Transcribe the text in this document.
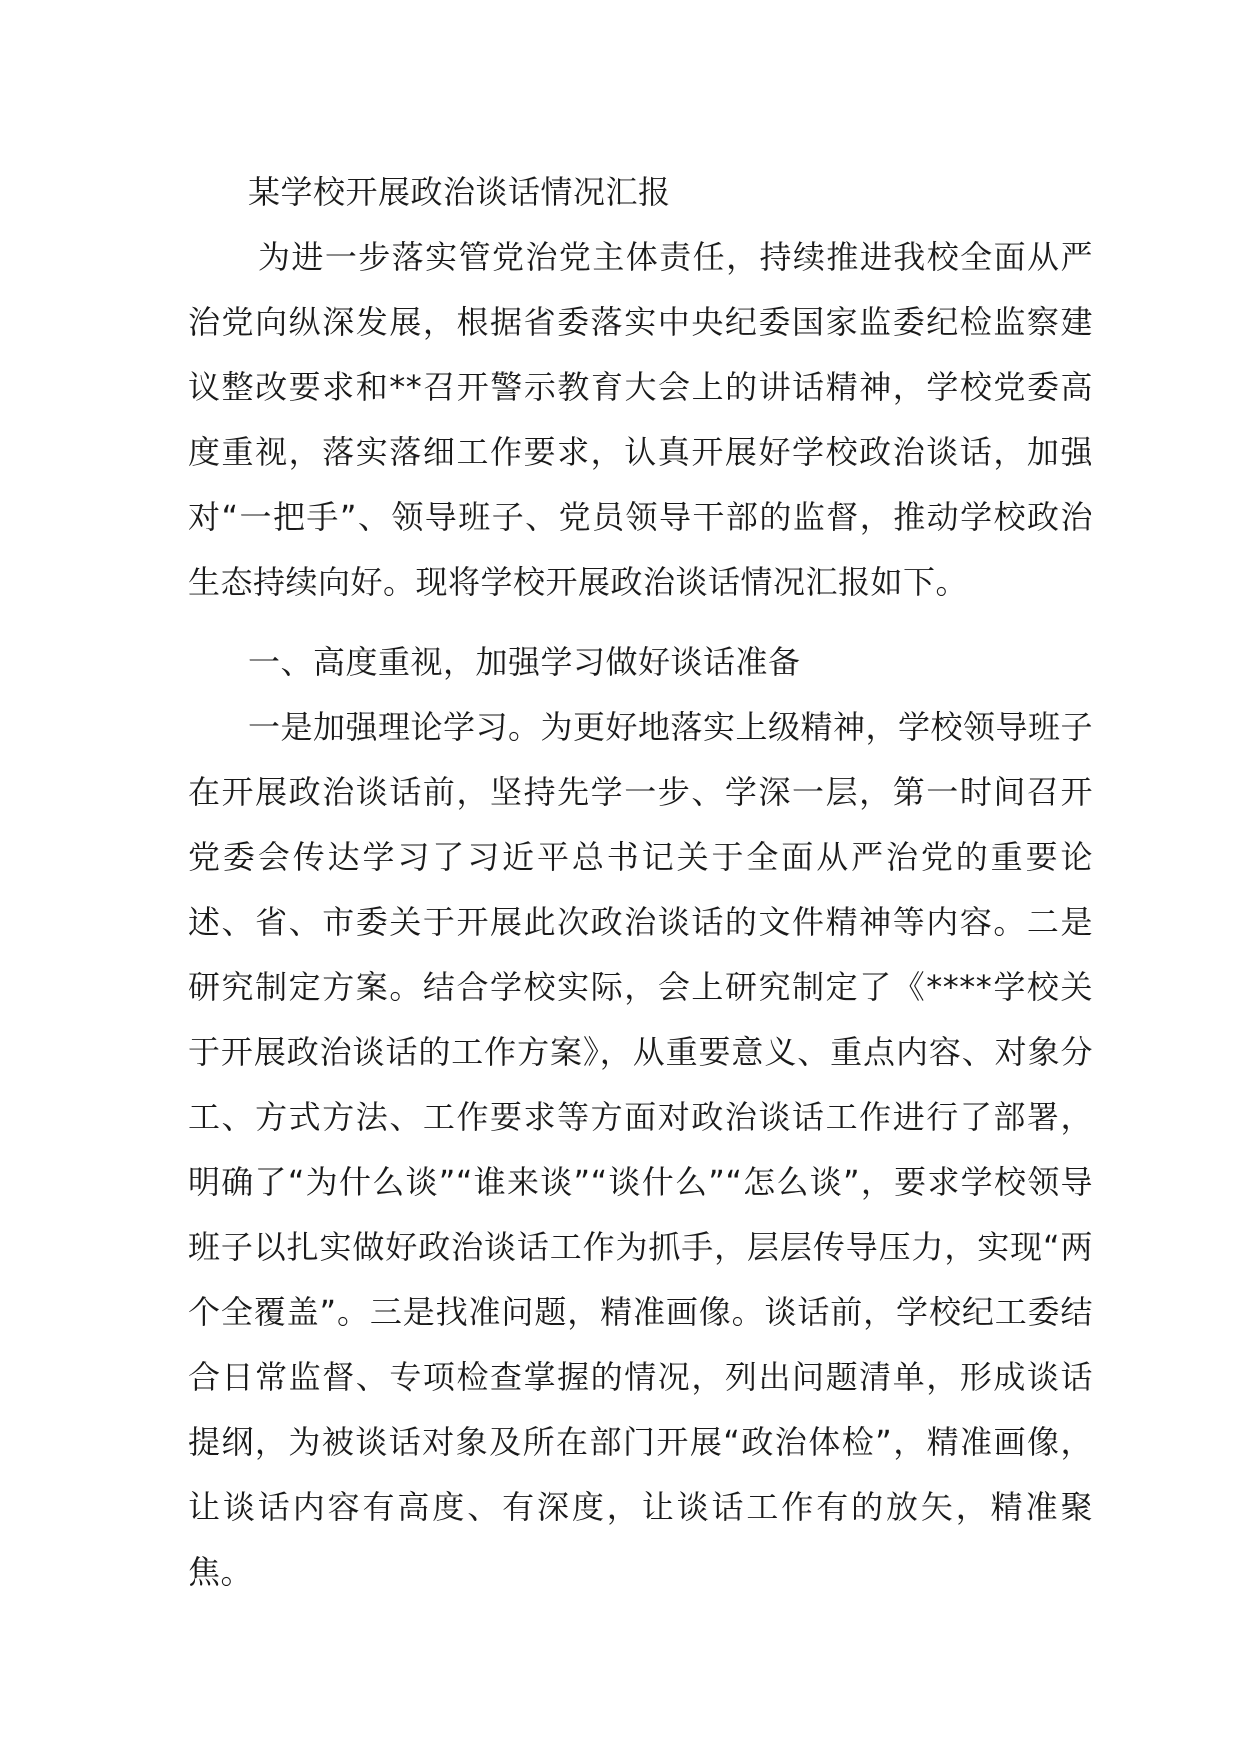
某学校开展政治谈话情况汇报

为进一步落实管党治党主体责任，持续推进我校全面从严治党向纵深发展，根据省委落实中央纪委国家监委纪检监察建议整改要求和**召开警示教育大会上的讲话精神，学校党委高度重视，落实落细工作要求，认真开展好学校政治谈话，加强对“一把手”、领导班子、党员领导干部的监督，推动学校政治生态持续向好。现将学校开展政治谈话情况汇报如下。

一、高度重视，加强学习做好谈话准备

一是加强理论学习。为更好地落实上级精神，学校领导班子在开展政治谈话前，坚持先学一步、学深一层，第一时间召开党委会传达学习了习近平总书记关于全面从严治党的重要论述、省、市委关于开展此次政治谈话的文件精神等内容。二是研究制定方案。结合学校实际，会上研究制定了《****学校关于开展政治谈话的工作方案》，从重要意义、重点内容、对象分工、方式方法、工作要求等方面对政治谈话工作进行了部署，明确了“为什么谈”“谁来谈”“谈什么”“怎么谈”，要求学校领导班子以扎实做好政治谈话工作为抓手，层层传导压力，实现“两个全覆盖”。三是找准问题，精准画像。谈话前，学校纪工委结合日常监督、专项检查掌握的情况，列出问题清单，形成谈话提纲，为被谈话对象及所在部门开展“政治体检”，精准画像，让谈话内容有高度、有深度，让谈话工作有的放矢，精准聚焦。
